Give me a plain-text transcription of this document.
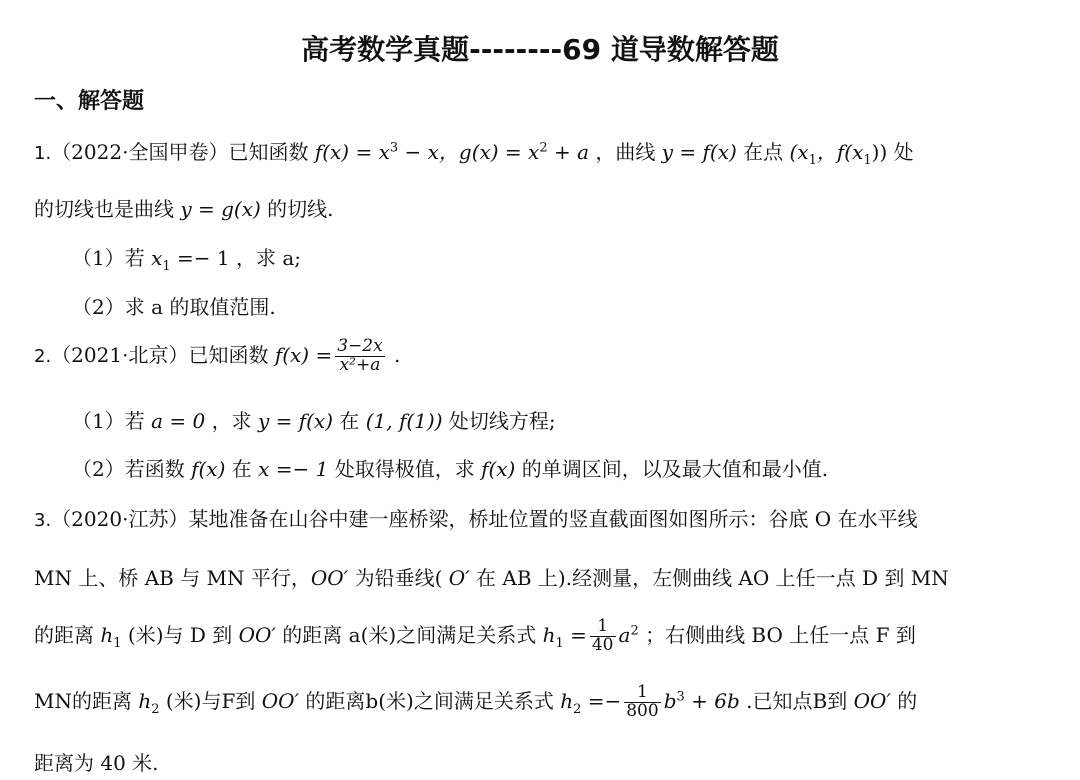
高考数学真题--------69 道导数解答题
一、解答题
1.（2022·全国甲卷）已知函数 $f(x) = x^3 - x$，$g(x) = x^2 + a$ ，曲线 y = f(x) 在点 ($x_1$，$f(x_1)$) 处
的切线也是曲线 y = g(x) 的切线.
（1）若 $x_1 =- 1$ ，求 a;
（2）求 a 的取值范围.
2.（2021·北京）已知函数 $f(x) = \frac{3-2x}{\text{x²+a}}$ .
（1）若 a = 0 ，求 y = f(x) 在 (1, f(1)) 处切线方程;
（2）若函数 f(x) 在 x =− 1 处取得极值，求 f(x) 的单调区间，以及最大值和最小值.
3.（2020·江苏）某地准备在山谷中建一座桥梁，桥址位置的竖直截面图如图所示：谷底 O 在水平线
MN 上、桥 AB 与 MN 平行，OO′ 为铅垂线( O′ 在 AB 上).经测量，左侧曲线 AO 上任一点 D 到 MN
的距离 $h_1$ (米)与 D 到 OO′ 的距离 a(米)之间满足关系式 $h_1 = \frac{1}{40} a^2$ ；右侧曲线 BO 上任一点 F 到
MN的距离 $h_2$ (米)与F到 OO′ 的距离b(米)之间满足关系式 $h_2 =- \frac{1}{800} b^3 + 6b$ .已知点B到 OO′ 的
距离为 40 米.
